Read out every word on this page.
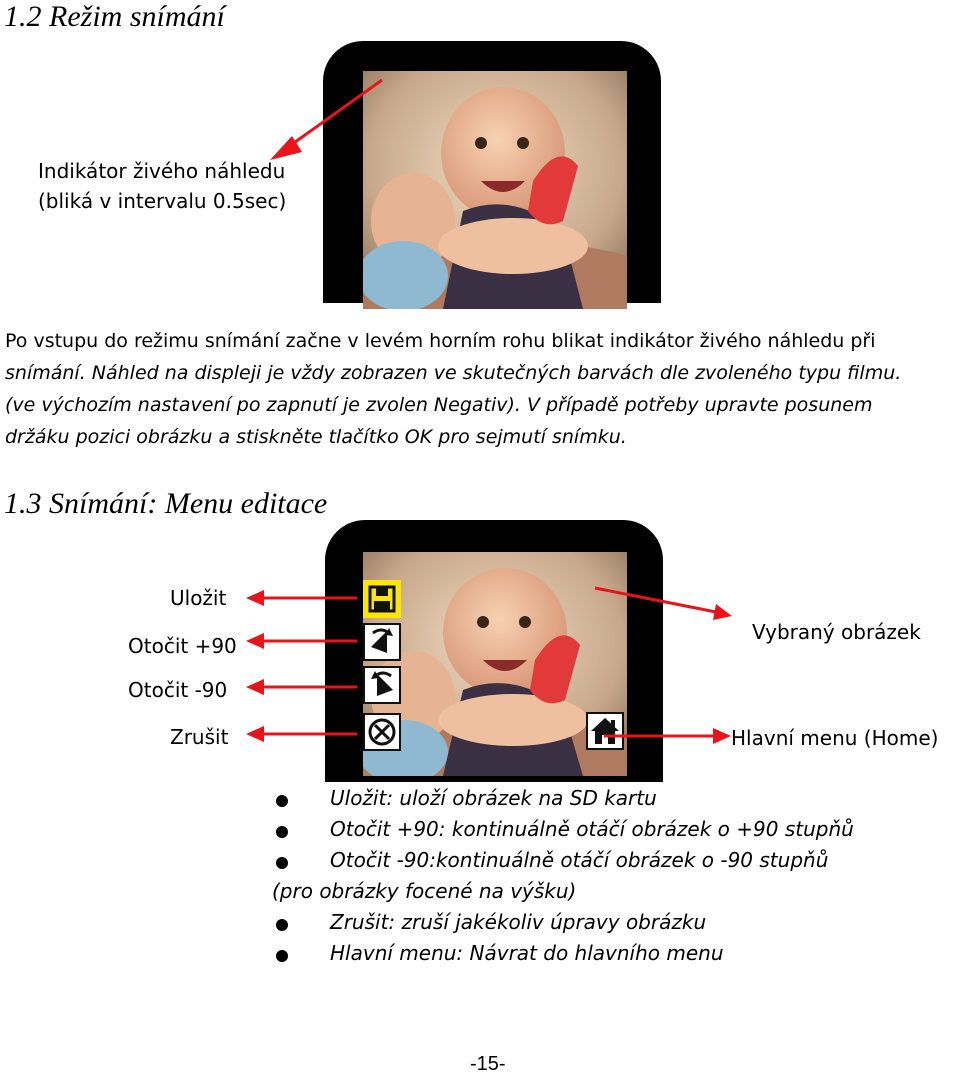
1.2 Režim snímání
Indikátor živého náhledu
(bliká v intervalu 0.5sec)
Po vstupu do režimu snímání začne v levém horním rohu blikat indikátor živého náhledu při
snímání. Náhled na displeji je vždy zobrazen ve skutečných barvách dle zvoleného typu filmu.
(ve výchozím nastavení po zapnutí je zvolen Negativ). V případě potřeby upravte posunem
držáku pozici obrázku a stiskněte tlačítko OK pro sejmutí snímku.
1.3 Snímání: Menu editace
Uložit
Otočit +90
Otočit -90
Zrušit
Vybraný obrázek
Hlavní menu (Home)
Uložit: uloží obrázek na SD kartu
Otočit +90: kontinuálně otáčí obrázek o +90 stupňů
Otočit -90:kontinuálně otáčí obrázek o -90 stupňů
(pro obrázky focené na výšku)
Zrušit: zruší jakékoliv úpravy obrázku
Hlavní menu: Návrat do hlavního menu
-15-
